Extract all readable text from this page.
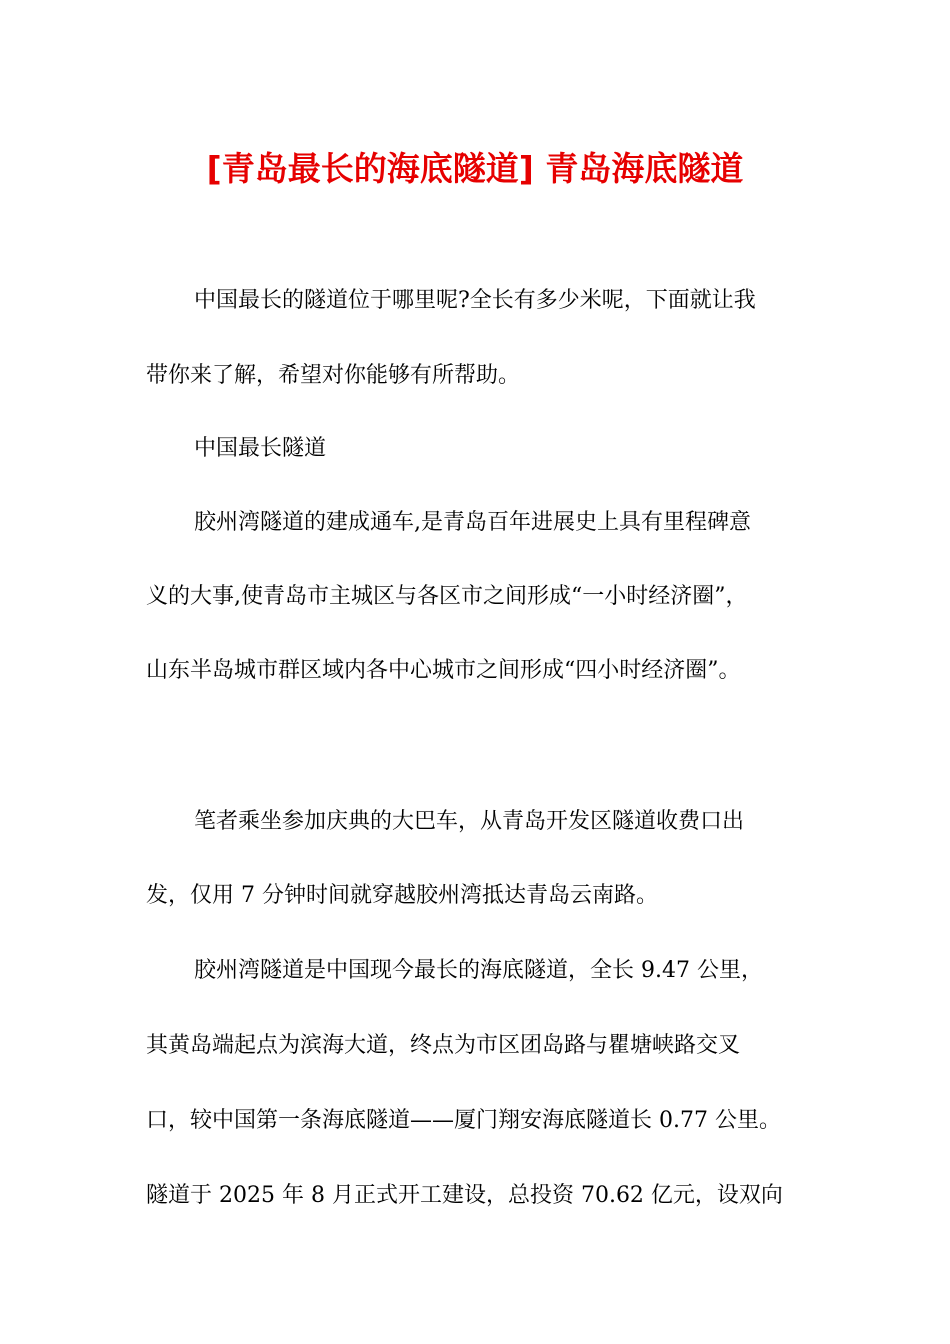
[青岛最长的海底隧道] 青岛海底隧道
中国最长的隧道位于哪里呢?全长有多少米呢，下面就让我
带你来了解，希望对你能够有所帮助。
中国最长隧道
胶州湾隧道的建成通车,是青岛百年进展史上具有里程碑意
义的大事,使青岛市主城区与各区市之间形成“一小时经济圈”，
山东半岛城市群区域内各中心城市之间形成“四小时经济圈”。
笔者乘坐参加庆典的大巴车，从青岛开发区隧道收费口出
发，仅用 7 分钟时间就穿越胶州湾抵达青岛云南路。
胶州湾隧道是中国现今最长的海底隧道，全长 9.47 公里，
其黄岛端起点为滨海大道，终点为市区团岛路与瞿塘峡路交叉
口，较中国第一条海底隧道——厦门翔安海底隧道长 0.77 公里。
隧道于 2025 年 8 月正式开工建设，总投资 70.62 亿元，设双向
